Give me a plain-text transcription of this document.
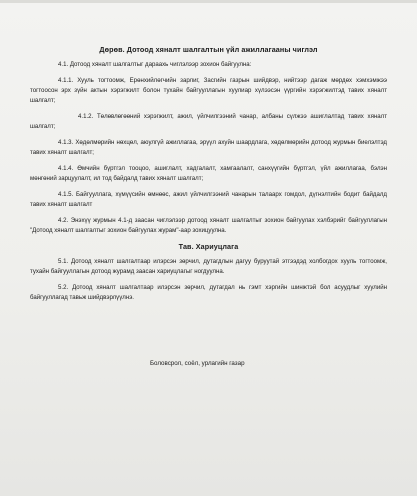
Дөрөв. Дотоод хяналт шалгалтын үйл ажиллагааны чиглэл
4.1. Дотоод хяналт шалгалтыг дараахь чиглэлээр зохион байгуулна:
4.1.1. Хууль тогтоомж, Ерөнхийлөгчийн зарлиг, Засгийн газрын шийдвэр, нийтээр дагаж мөрдөх хэмхэмжээ тогтоосон эрх зүйн актын хэрэгжилт болон тухайн байгууллагын хуулиар хүлээсэн үүргийн хэрэгжилтэд тавих хяналт шалгалт;
4.1.2. Төлөвлөгөөний хэрэгжилт, ажил, үйлчилгээний чанар, албаны сүлжээ ашиглалтад тавих хяналт шалгалт;
4.1.3. Хөдөлмөрийн нөхцөл, аюулгүй ажиллагаа, эрүүл ахуйн шаардлага, хөдөлмөрийн дотоод журмын биелэлтэд тавих хяналт шалгалт;
4.1.4. Өмчийн бүртгэл тооцоо, ашиглалт, хадгалалт, хамгаалалт, санхүүгийн бүртгэл, үйл ажиллагаа, бэлэн мөнгөний зарцуулалт, ил тод байдалд тавих хяналт шалгалт;
4.1.5. Байгууллага, хүмүүсийн өмнөөс, ажил үйлчилгээний чанарын талаарх гомдол, дүгнэлтийн бодит байдалд тавих хяналт шалгалт
4.2. Энэхүү журмын 4.1-д заасан чиглэлээр дотоод хяналт шалгалтыг зохион байгуулах хэлбэрийг байгууллагын "Дотоод хяналт шалгалтыг зохион байгуулах журам"-аар зохицуулна.
Тав. Хариуцлага
5.1. Дотоод хяналт шалгалтаар илэрсэн зөрчил, дутагдлын дагуу буруутай этгээдэд холбогдох хууль тогтоомж, тухайн байгууллагын дотоод журамд заасан хариуцлагыг ногдуулна.
5.2. Дотоод хяналт шалгалтаар илэрсэн зөрчил, дутагдал нь гэмт хэргийн шинжтэй бол асуудлыг хуулийн байгууллагад тавьж шийдвэрлүүлнэ.
Боловсрол, соёл, урлагийн газар
